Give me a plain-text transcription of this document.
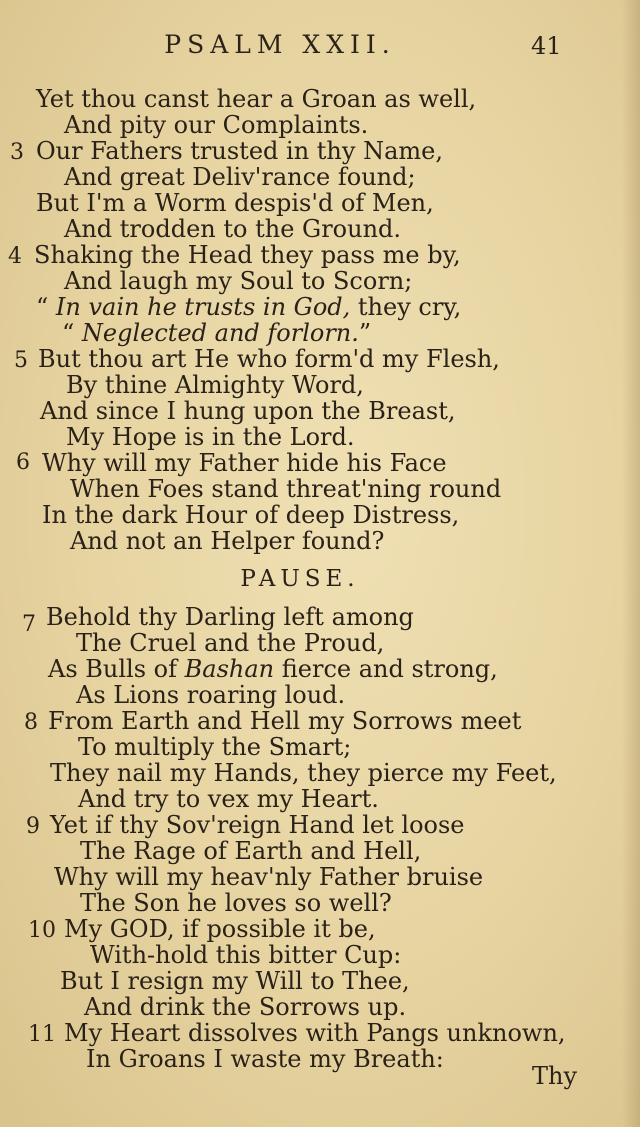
PSALM XXII.	41
Yet thou canst hear a Groan as well,
And pity our Complaints.
3 Our Fathers trusted in thy Name,
And great Deliv'rance found;
But I'm a Worm despis'd of Men,
And trodden to the Ground.
4 Shaking the Head they pass me by,
And laugh my Soul to Scorn;
“ In vain he trusts in God, they cry,
“ Neglected and forlorn.”
5 But thou art He who form'd my Flesh,
By thine Almighty Word,
And since I hung upon the Breast,
My Hope is in the Lord.
6 Why will my Father hide his Face
When Foes stand threat'ning round
In the dark Hour of deep Distress,
And not an Helper found?
PAUSE.
7 Behold thy Darling left among
The Cruel and the Proud,
As Bulls of Bashan fierce and strong,
As Lions roaring loud.
8 From Earth and Hell my Sorrows meet
To multiply the Smart;
They nail my Hands, they pierce my Feet,
And try to vex my Heart.
9 Yet if thy Sov'reign Hand let loose
The Rage of Earth and Hell,
Why will my heav'nly Father bruise
The Son he loves so well?
10 My GOD, if possible it be,
With-hold this bitter Cup:
But I resign my Will to Thee,
And drink the Sorrows up.
11 My Heart dissolves with Pangs unknown,
In Groans I waste my Breath:
Thy
